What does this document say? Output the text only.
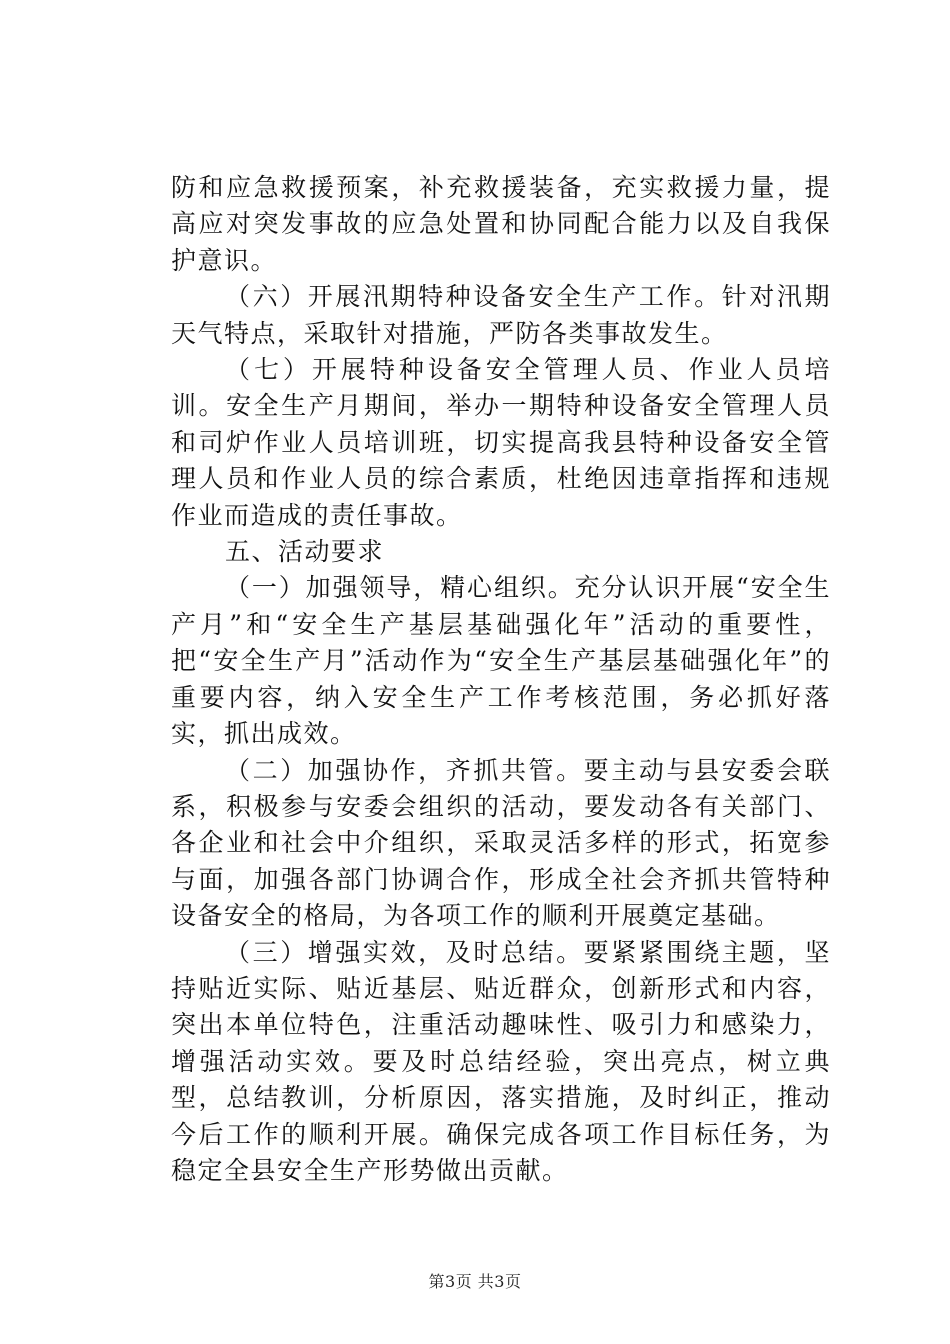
防和应急救援预案，补充救援装备，充实救援力量，提高应对突发事故的应急处置和协同配合能力以及自我保护意识。

（六）开展汛期特种设备安全生产工作。针对汛期天气特点，采取针对措施，严防各类事故发生。

（七）开展特种设备安全管理人员、作业人员培训。安全生产月期间，举办一期特种设备安全管理人员和司炉作业人员培训班，切实提高我县特种设备安全管理人员和作业人员的综合素质，杜绝因违章指挥和违规作业而造成的责任事故。

五、活动要求

（一）加强领导，精心组织。充分认识开展“安全生产月”和“安全生产基层基础强化年”活动的重要性，把“安全生产月”活动作为“安全生产基层基础强化年”的重要内容，纳入安全生产工作考核范围，务必抓好落实，抓出成效。

（二）加强协作，齐抓共管。要主动与县安委会联系，积极参与安委会组织的活动，要发动各有关部门、各企业和社会中介组织，采取灵活多样的形式，拓宽参与面，加强各部门协调合作，形成全社会齐抓共管特种设备安全的格局，为各项工作的顺利开展奠定基础。

（三）增强实效，及时总结。要紧紧围绕主题，坚持贴近实际、贴近基层、贴近群众，创新形式和内容，突出本单位特色，注重活动趣味性、吸引力和感染力，增强活动实效。要及时总结经验，突出亮点，树立典型，总结教训，分析原因，落实措施，及时纠正，推动今后工作的顺利开展。确保完成各项工作目标任务，为稳定全县安全生产形势做出贡献。

第3页 共3页
